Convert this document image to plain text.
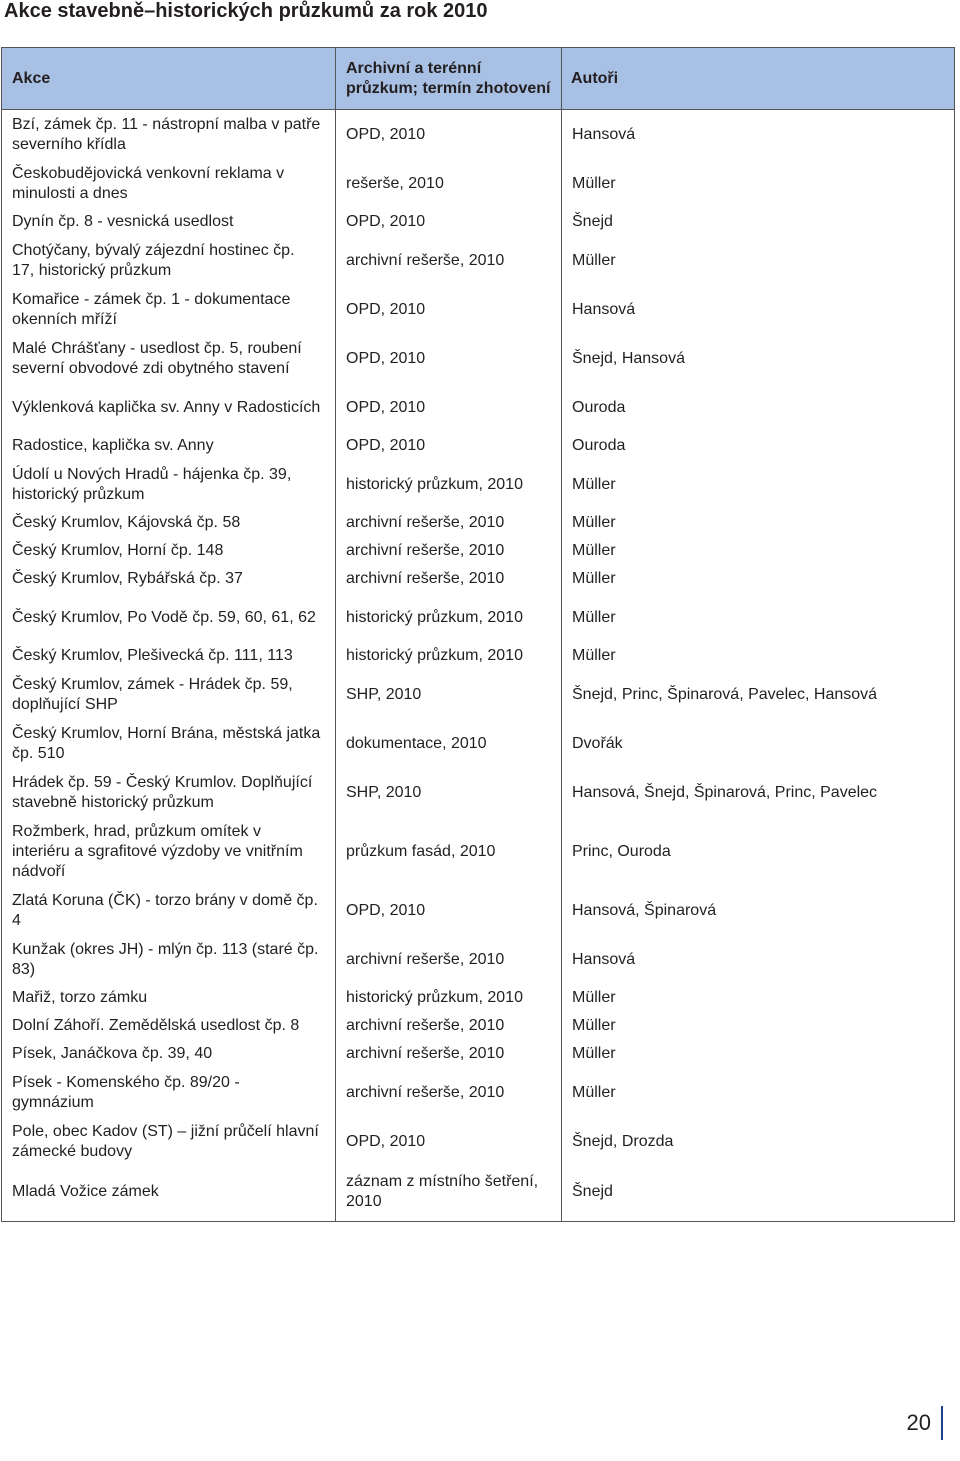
Akce stavebně–historických průzkumů za rok 2010
Akce	Archivní a terénní průzkum; termín zhotovení	Autoři
Bzí, zámek čp. 11 - nástropní malba v patře severního křídla	OPD, 2010	Hansová
Českobudějovická venkovní reklama v minulosti a dnes	rešerše, 2010	Müller
Dynín čp. 8 - vesnická usedlost	OPD, 2010	Šnejd
Chotýčany, bývalý zájezdní hostinec čp. 17, historický průzkum	archivní rešerše, 2010	Müller
Komařice - zámek čp. 1 - dokumentace okenních mříží	OPD, 2010	Hansová
Malé Chrášťany - usedlost čp. 5, roubení severní obvodové zdi obytného stavení	OPD, 2010	Šnejd, Hansová
Výklenková kaplička sv. Anny v Radosticích	OPD, 2010	Ouroda
Radostice, kaplička sv. Anny	OPD, 2010	Ouroda
Údolí u Nových Hradů - hájenka čp. 39, historický průzkum	historický průzkum, 2010	Müller
Český Krumlov, Kájovská čp. 58	archivní rešerše, 2010	Müller
Český Krumlov, Horní čp. 148	archivní rešerše, 2010	Müller
Český Krumlov, Rybářská čp. 37	archivní rešerše, 2010	Müller
Český Krumlov, Po Vodě čp. 59, 60, 61, 62	historický průzkum, 2010	Müller
Český Krumlov, Plešivecká čp. 111, 113	historický průzkum, 2010	Müller
Český Krumlov, zámek - Hrádek čp. 59, doplňující SHP	SHP, 2010	Šnejd, Princ, Špinarová, Pavelec, Hansová
Český Krumlov, Horní Brána, městská jatka čp. 510	dokumentace, 2010	Dvořák
Hrádek čp. 59 - Český Krumlov. Doplňující stavebně historický průzkum	SHP, 2010	Hansová, Šnejd, Špinarová, Princ, Pavelec
Rožmberk, hrad, průzkum omítek v interiéru a sgrafitové výzdoby ve vnitřním nádvoří	průzkum fasád, 2010	Princ, Ouroda
Zlatá Koruna (ČK) - torzo brány v domě čp. 4	OPD, 2010	Hansová, Špinarová
Kunžak (okres JH) - mlýn čp. 113 (staré čp. 83)	archivní rešerše, 2010	Hansová
Mařiž, torzo zámku	historický průzkum, 2010	Müller
Dolní Záhoří. Zemědělská usedlost čp. 8	archivní rešerše, 2010	Müller
Písek, Janáčkova čp. 39, 40	archivní rešerše, 2010	Müller
Písek - Komenského čp. 89/20 - gymnázium	archivní rešerše, 2010	Müller
Pole, obec Kadov (ST) – jižní průčelí hlavní zámecké budovy	OPD, 2010	Šnejd, Drozda
Mladá Vožice zámek	záznam z místního šetření, 2010	Šnejd
20
